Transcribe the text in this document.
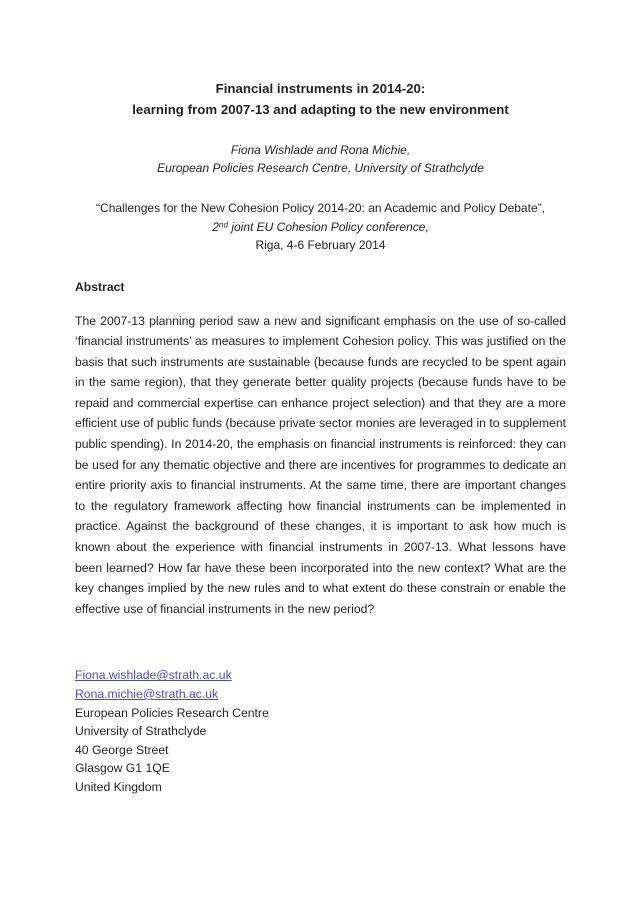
Financial instruments in 2014-20:
learning from 2007-13 and adapting to the new environment
Fiona Wishlade and Rona Michie,
European Policies Research Centre, University of Strathclyde
“Challenges for the New Cohesion Policy 2014-20: an Academic and Policy Debate”,
2nd joint EU Cohesion Policy conference,
Riga, 4-6 February 2014
Abstract
The 2007-13 planning period saw a new and significant emphasis on the use of so-called ‘financial instruments’ as measures to implement Cohesion policy. This was justified on the basis that such instruments are sustainable (because funds are recycled to be spent again in the same region), that they generate better quality projects (because funds have to be repaid and commercial expertise can enhance project selection) and that they are a more efficient use of public funds (because private sector monies are leveraged in to supplement public spending). In 2014-20, the emphasis on financial instruments is reinforced: they can be used for any thematic objective and there are incentives for programmes to dedicate an entire priority axis to financial instruments. At the same time, there are important changes to the regulatory framework affecting how financial instruments can be implemented in practice. Against the background of these changes, it is important to ask how much is known about the experience with financial instruments in 2007-13. What lessons have been learned? How far have these been incorporated into the new context? What are the key changes implied by the new rules and to what extent do these constrain or enable the effective use of financial instruments in the new period?
Fiona.wishlade@strath.ac.uk
Rona.michie@strath.ac.uk
European Policies Research Centre
University of Strathclyde
40 George Street
Glasgow G1 1QE
United Kingdom
